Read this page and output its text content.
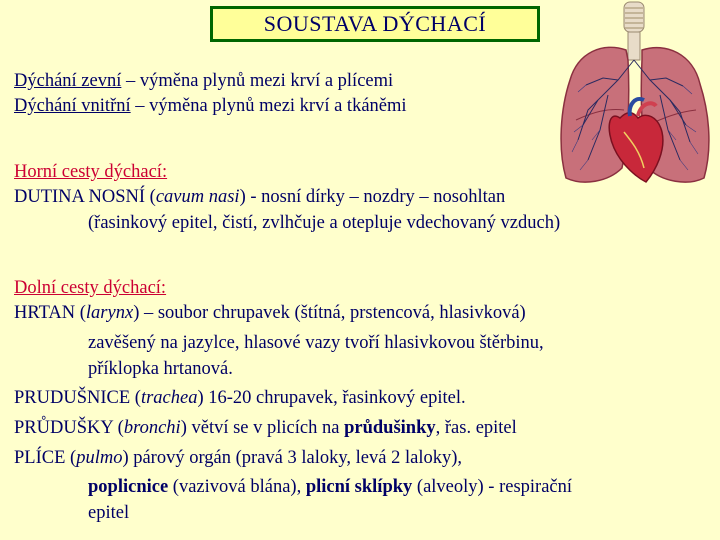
SOUSTAVA DÝCHACÍ
Dýchání zevní – výměna plynů mezi krví a plícemi
Dýchání vnitřní – výměna plynů mezi krví a tkáněmi
Horní cesty dýchací:
DUTINA NOSNÍ (cavum nasi) - nosní dírky – nozdry – nosohltan
(řasinkový epitel, čistí, zvlhčuje a otepluje vdechovaný vzduch)
Dolní cesty dýchací:
HRTAN (larynx) – soubor chrupavek (štítná, prstencová, hlasivková)
zavěšený na jazylce, hlasové vazy tvoří hlasivkovou štěrbinu,
příklopka hrtanová.
PRUDUŠNICE (trachea) 16-20 chrupavek, řasinkový epitel.
PRŮDUŠKY (bronchi) větví se v plicích na průdušinky, řas. epitel
PLÍCE (pulmo) párový orgán (pravá 3 laloky, levá 2 laloky),
poplicnice (vazivová blána), plicní sklípky (alveoly) - respirační
epitel
